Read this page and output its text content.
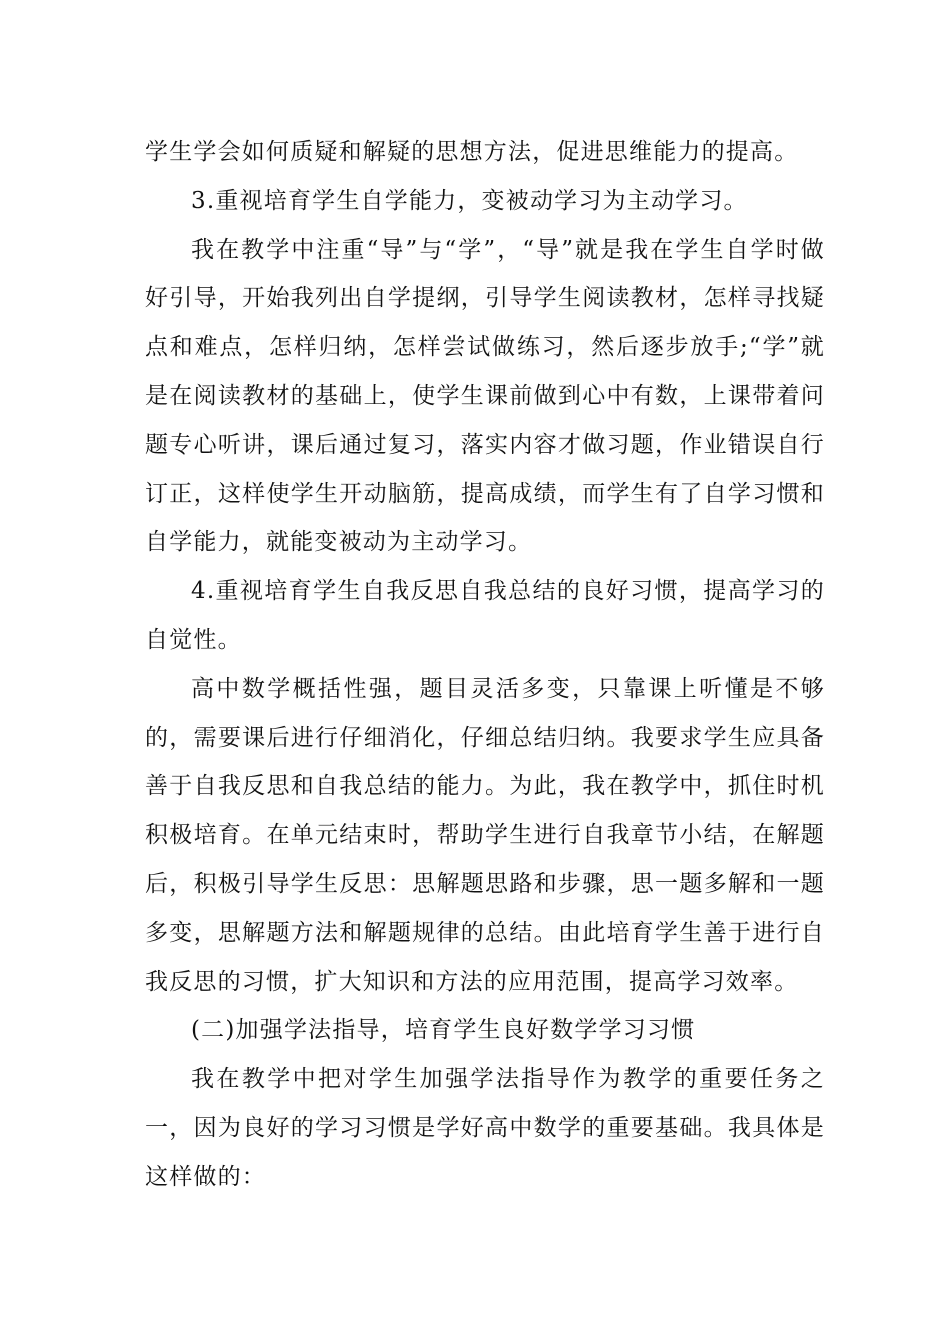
学生学会如何质疑和解疑的思想方法，促进思维能力的提高。

3.重视培育学生自学能力，变被动学习为主动学习。

我在教学中注重“导”与“学”，“导”就是我在学生自学时做好引导，开始我列出自学提纲，引导学生阅读教材，怎样寻找疑点和难点，怎样归纳，怎样尝试做练习，然后逐步放手;“学”就是在阅读教材的基础上，使学生课前做到心中有数，上课带着问题专心听讲，课后通过复习，落实内容才做习题，作业错误自行订正，这样使学生开动脑筋，提高成绩，而学生有了自学习惯和自学能力，就能变被动为主动学习。

4.重视培育学生自我反思自我总结的良好习惯，提高学习的自觉性。

高中数学概括性强，题目灵活多变，只靠课上听懂是不够的，需要课后进行仔细消化，仔细总结归纳。我要求学生应具备善于自我反思和自我总结的能力。为此，我在教学中，抓住时机积极培育。在单元结束时，帮助学生进行自我章节小结，在解题后，积极引导学生反思：思解题思路和步骤，思一题多解和一题多变，思解题方法和解题规律的总结。由此培育学生善于进行自我反思的习惯，扩大知识和方法的应用范围，提高学习效率。

(二)加强学法指导，培育学生良好数学学习习惯

我在教学中把对学生加强学法指导作为教学的重要任务之一，因为良好的学习习惯是学好高中数学的重要基础。我具体是这样做的：
